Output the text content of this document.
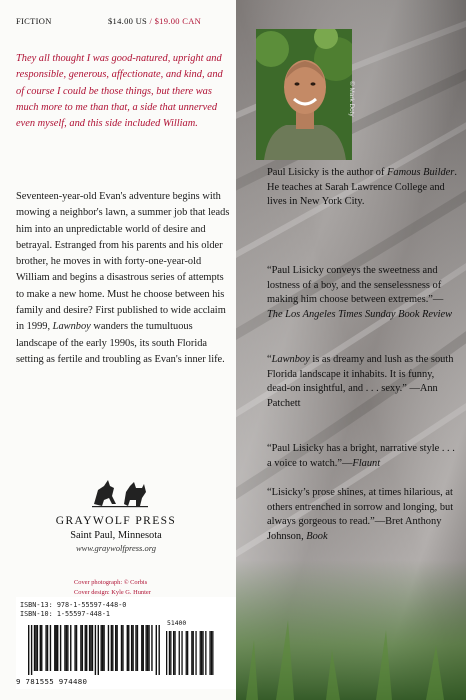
FICTION	$14.00 US / $19.00 CAN

They all thought I was good-natured, upright and responsible, generous, affectionate, and kind, and of course I could be those things, but there was much more to me than that, a side that unnerved even myself, and this side included William.

Seventeen-year-old Evan's adventure begins with mowing a neighbor's lawn, a summer job that leads him into an unpredictable world of desire and betrayal. Estranged from his parents and his older brother, he moves in with forty-one-year-old William and begins a disastrous series of attempts to make a new home. Must he choose between his family and desire? First published to wide acclaim in 1999, Lawnboy wanders the tumultuous landscape of the early 1990s, its south Florida setting as fertile and troubling as Evan's inner life.
GRAYWOLF PRESS
Saint Paul, Minnesota
www.graywolfpress.org
Cover photograph: © Corbis
Cover design: Kyle G. Hunter
ISBN-13: 978-1-55597-448-0
ISBN-10: 1-55597-448-1
9 781555 974480
51400
© Mark Doty
Paul Lisicky is the author of Famous Builder. He teaches at Sarah Lawrence College and lives in New York City.
“Paul Lisicky conveys the sweetness and lostness of a boy, and the senselessness of making him choose between extremes.”—The Los Angeles Times Sunday Book Review
“Lawnboy is as dreamy and lush as the south Florida landscape it inhabits. It is funny, dead-on insightful, and . . . sexy.” —Ann Patchett
“Paul Lisicky has a bright, narrative style . . . a voice to watch.”—Flaunt
“Lisicky’s prose shines, at times hilarious, at others entrenched in sorrow and longing, but always gorgeous to read.”—Bret Anthony Johnson, Book
